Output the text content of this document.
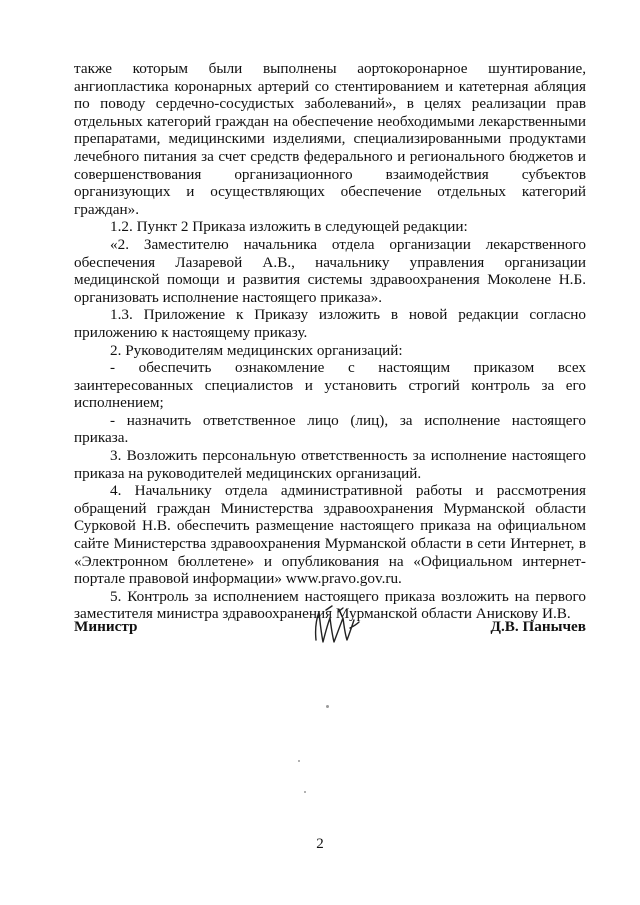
также которым были выполнены аортокоронарное шунтирование, ангиопластика коронарных артерий со стентированием и катетерная абляция по поводу сердечно-сосудистых заболеваний», в целях реализации прав отдельных категорий граждан на обеспечение необходимыми лекарственными препаратами, медицинскими изделиями, специализированными продуктами лечебного питания за счет средств федерального и регионального бюджетов и совершенствования организационного взаимодействия субъектов организующих и осуществляющих обеспечение отдельных категорий граждан».

1.2. Пункт 2 Приказа изложить в следующей редакции:

«2. Заместителю начальника отдела организации лекарственного обеспечения Лазаревой А.В., начальнику управления организации медицинской помощи и развития системы здравоохранения Моколене Н.Б. организовать исполнение настоящего приказа».

1.3. Приложение к Приказу изложить в новой редакции согласно приложению к настоящему приказу.

2. Руководителям медицинских организаций:

- обеспечить ознакомление с настоящим приказом всех заинтересованных специалистов и установить строгий контроль за его исполнением;

- назначить ответственное лицо (лиц), за исполнение настоящего приказа.

3. Возложить персональную ответственность за исполнение настоящего приказа на руководителей медицинских организаций.

4. Начальнику отдела административной работы и рассмотрения обращений граждан Министерства здравоохранения Мурманской области Сурковой Н.В. обеспечить размещение настоящего приказа на официальном сайте Министерства здравоохранения Мурманской области в сети Интернет, в «Электронном бюллетене» и опубликования на «Официальном интернет-портале правовой информации» www.pravo.gov.ru.

5. Контроль за исполнением настоящего приказа возложить на первого заместителя министра здравоохранения Мурманской области Анискову И.В.

Министр	Д.В. Панычев
2
